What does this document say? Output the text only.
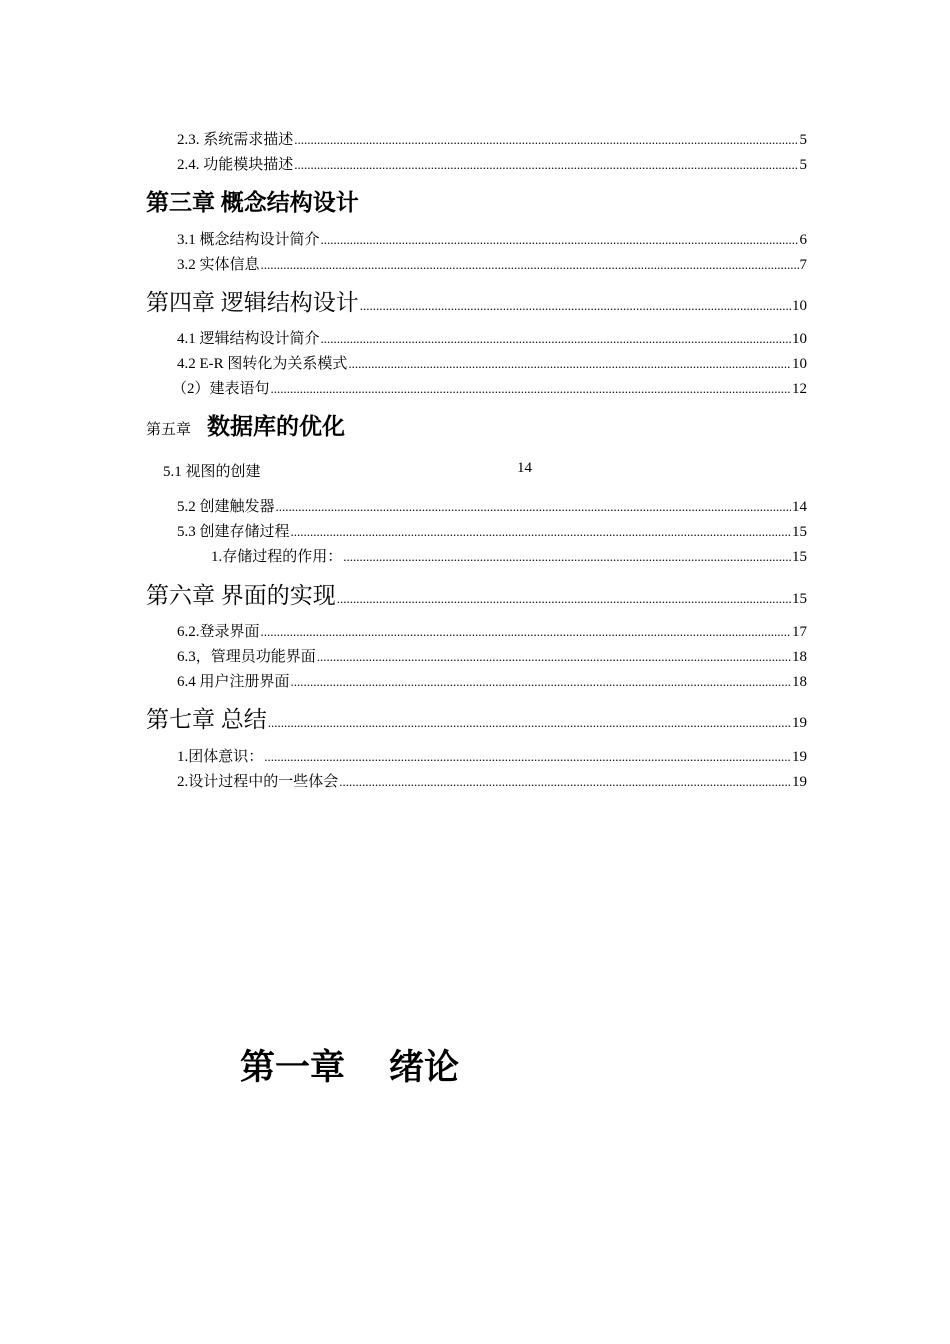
2.3. 系统需求描述 .....	5
2.4. 功能模块描述 .....	5
第三章 概念结构设计
3.1 概念结构设计简介 .....	6
3.2 实体信息 .....	7
第四章 逻辑结构设计 .....	10
4.1 逻辑结构设计简介 .....	10
4.2 E-R 图转化为关系模式 .....	10
（2）建表语句 .....	12
第五章 数据库的优化
5.1 视图的创建	14
5.2 创建触发器 .....	14
5.3 创建存储过程 .....	15
1.存储过程的作用： .....	15
第六章 界面的实现 .....	15
6.2.登录界面 .....	17
6.3，管理员功能界面 .....	18
6.4 用户注册界面 .....	18
第七章 总结 .....	19
1.团体意识： .....	19
2.设计过程中的一些体会 .....	19
第一章 绪论
